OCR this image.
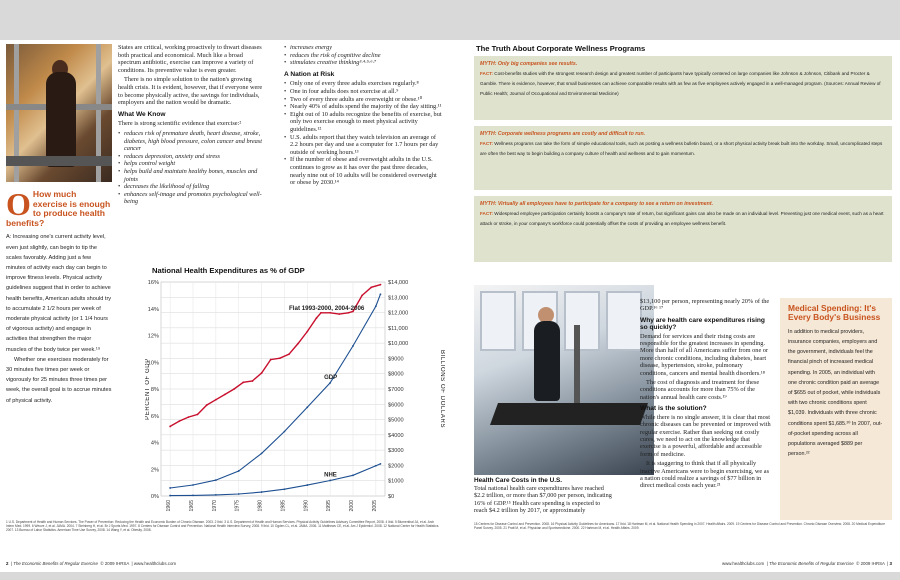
O How much exercise is enough to produce health benefits?
A: Increasing one's current activity level, even just slightly, can begin to tip the scales favorably. Adding just a few minutes of activity each day can begin to improve fitness levels. Physical activity guidelines suggest that in order to achieve health benefits, American adults should try to accumulate 2 1/2 hours per week of moderate physical activity (or 1 1/4 hours of vigorous activity) and engage in activities that strengthen the major muscles of the body twice per week.¹⁹
Whether one exercises moderately for 30 minutes five times per week or vigorously for 25 minutes three times per week, the overall goal is to accrue minutes of physical activity.

States are critical, working proactively to thwart diseases both practical and economical. Much like a broad spectrum antibiotic, exercise can improve a variety of conditions. Its preventive value is even greater.

There is no simple solution to the nation's growing health crisis. It is evident, however, that if everyone were to become physically active, the savings for individuals, employers and the nation would be dramatic.

What We Know

There is strong scientific evidence that exercise:²

• reduces risk of premature death, heart disease, stroke, diabetes, high blood pressure, colon cancer and breast cancer
• reduces depression, anxiety and stress
• helps control weight
• helps build and maintain healthy bones, muscles and joints
• decreases the likelihood of falling
• enhances self-image and promotes psychological well-being
• increases energy
• reduces the risk of cognitive decline
• stimulates creative thinking³·⁴·⁵·⁶·⁷
A Nation at Risk
• Only one of every three adults exercises regularly.⁸
• One in four adults does not exercise at all.⁹
• Two of every three adults are overweight or obese.¹⁰
• Nearly 40% of adults spend the majority of the day sitting.¹¹
• Eight out of 10 adults recognize the benefits of exercise, but only two exercise enough to meet physical activity guidelines.¹²
• U.S. adults report that they watch television an average of 2.2 hours per day and use a computer for 1.7 hours per day outside of working hours.¹³
• If the number of obese and overweight adults in the U.S. continues to grow as it has over the past three decades, nearly nine out of 10 adults will be considered overweight or obese by 2030.¹⁴
National Health Expenditures as % of GDP
0%
2%
4%
6%
8%
10%
12%
14%
16%
$0
$1000
$2000
$3000
$4000
$5000
$6000
$7000
$8000
$9000
$10,000
$11,000
$12,000
$13,000
$14,000
1960	1965	1970	1975	1980	1985	1990	1995	2000	2005
PERCENT OF GDP	BILLIONS OF DOLLARS
GDP
NHE
Flat 1993-2000, 2004-2006
1 U.S. Department of Health and Human Services. The Power of Prevention: Reducing the Health and Economic Burden of Chronic Disease. 2003. 2 Ibid. 3 U.S. Department of Health and Human Services. Physical Activity Guidelines Advisory Committee Report, 2008. 4 Ibid. 5 Blumenthal JA, et al. Arch Intern Med. 1999. 6 Weuve J, et al. JAMA. 2004. 7 Steinberg H, et al. Br J Sports Med. 1997. 8 Centers for Disease Control and Prevention. National Health Interview Survey, 2008. 9 Ibid. 10 Ogden CL, et al. JAMA. 2006. 11 Matthews CE, et al. Am J Epidemiol. 2008. 12 National Center for Health Statistics. 2007. 13 Bureau of Labor Statistics. American Time Use Survey, 2008. 14 Wang Y, et al. Obesity. 2008.
2  | The Economic Benefits of Regular Exercise © 2009 IHRSA  | www.healthclubs.com
The Truth About Corporate Wellness Programs
MYTH: Only big companies see results.
FACT: Cost-benefits studies with the strongest research design and greatest number of participants have typically centered on large companies like Johnson & Johnson, Citibank and Procter & Gamble. There is evidence, however, that small businesses can achieve comparable results with as few as five employees actively engaged in a well-managed program. (Sources: Annual Review of Public Health; Journal of Occupational and Environmental Medicine)
MYTH: Corporate wellness programs are costly and difficult to run.
FACT: Wellness programs can take the form of simple educational tools, such as posting a wellness bulletin board, or a short physical activity break built into the workday. Small, uncomplicated steps are often the best way to begin building a company culture of health and wellness and to gain momentum.
MYTH: Virtually all employees have to participate for a company to see a return on investment.
FACT: Widespread employee participation certainly boosts a company's rate of return, but significant gains can also be made on an individual level. Preventing just one medical event, such as a heart attack or stroke, in your company's workforce could potentially offset the costs of providing an employee wellness benefit.
Health Care Costs in the U.S.
Total national health care expenditures have reached $2.2 trillion, or more than $7,000 per person, indicating 16% of GDP.¹⁵ Health care spending is expected to reach $4.2 trillion by 2017, or approximately

$13,100 per person, representing nearly 20% of the GDP.¹⁶ ¹⁷

Why are health care expenditures rising so quickly?

Demand for services and their rising costs are responsible for the greatest increases in spending. More than half of all Americans suffer from one or more chronic conditions, including diabetes, heart disease, hypertension, stroke, pulmonary conditions, cancers and mental health disorders.¹⁸

The cost of diagnosis and treatment for these conditions accounts for more than 75% of the nation's annual health care costs.¹⁹

What is the solution?

While there is no single answer, it is clear that most chronic diseases can be prevented or improved with regular exercise. Rather than seeking out costly cures, we need to act on the knowledge that exercise is a powerful, affordable and accessible form of medicine.

It is staggering to think that if all physically inactive Americans were to begin exercising, we as a nation could realize a savings of $77 billion in direct medical costs each year.²¹

Medical Spending: It's Every Body's Business
In addition to medical providers, insurance companies, employers and the government, individuals feel the financial pinch of increased medical spending. In 2005, an individual with one chronic condition paid an average of $655 out of pocket, while individuals with two chronic conditions spent $1,039. Individuals with three chronic conditions spent $1,685.²⁰ In 2007, out-of-pocket spending across all populations averaged $889 per person.²²
15 Centers for Disease Control and Prevention. 2008. 16 Physical Activity Guidelines for Americans. 17 Ibid. 18 Hartman M, et al. National Health Spending in 2007. Health Affairs. 2009. 19 Centers for Disease Control and Prevention. Chronic Disease Overview. 2008. 20 Medical Expenditure Panel Survey. 2005. 21 Pratt M, et al. Physician and Sportsmedicine. 2000. 22 Hartman M, et al. Health Affairs. 2009.
www.healthclubs.com  | The Economic Benefits of Regular Exercise © 2009 IHRSA  | 3
